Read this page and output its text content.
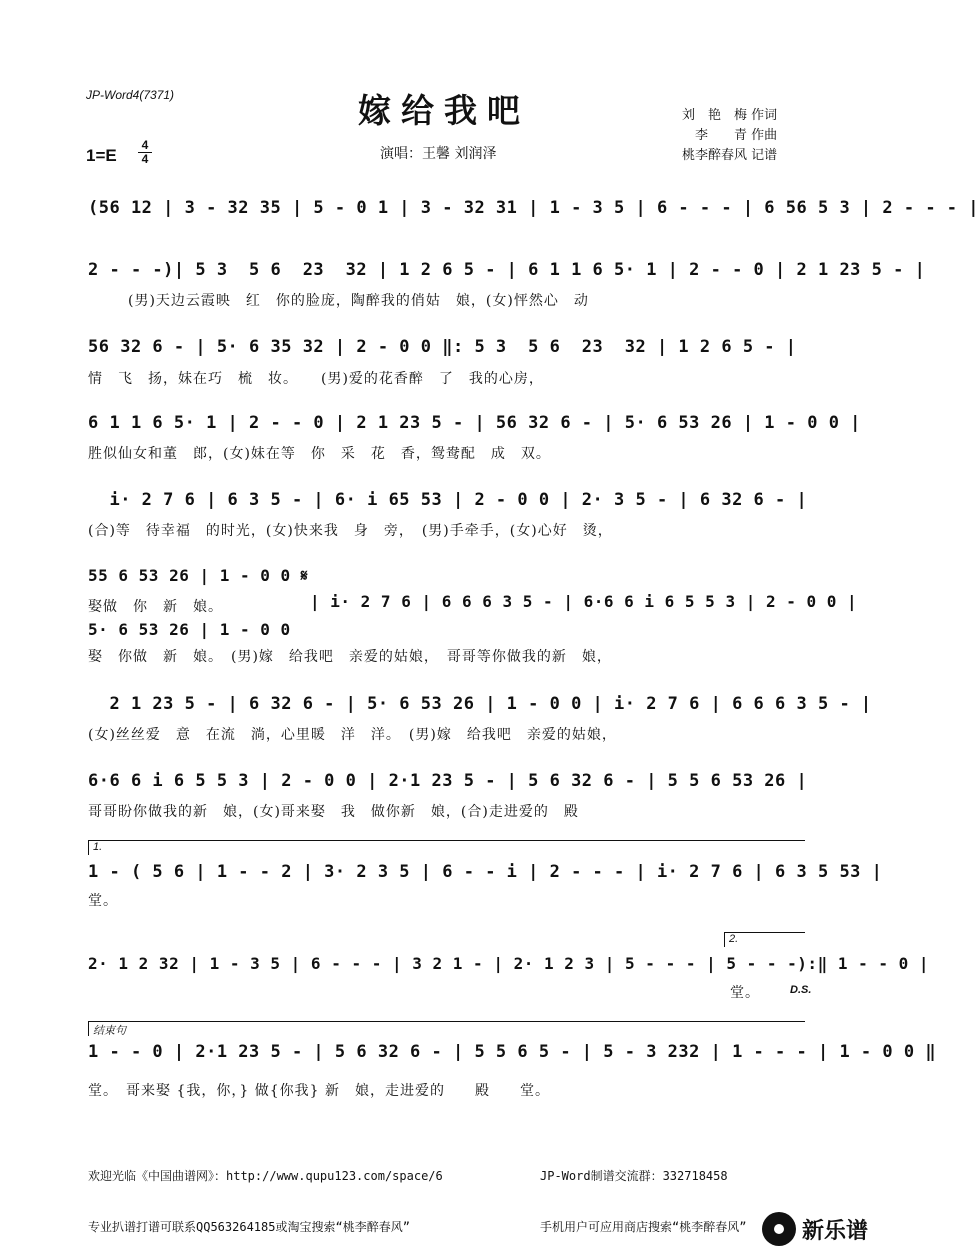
JP-Word4(7371)	嫁给我吧
1=E
4
4	演唱：王馨 刘润泽
刘　艳　梅 作词
李　　青 作曲
桃李醉春风 记谱
(56 12 | 3 - 32 35 | 5 - 0 1 | 3 - 32 31 | 1 - 3 5 | 6 - - - | 6 56 5 3 | 2 - - - |
2 - - -)| 5 3  5 6  23  32 | 1 2 6 5 - | 6 1 1 6 5· 1 | 2 - - 0 | 2 1 23 5 - |
(男)天边云霞映　红　你的脸庞，陶醉我的俏姑　娘，(女)怦然心　动
56 32 6 - | 5· 6 35 32 | 2 - 0 0 ‖: 5 3  5 6  23  32 | 1 2 6 5 - |
情　飞　扬，妹在巧　梳　妆。　　(男)爱的花香醉　了　我的心房，
6 1 1 6 5· 1 | 2 - - 0 | 2 1 23 5 - | 56 32 6 - | 5· 6 53 26 | 1 - 0 0 |
胜似仙女和董　郎，(女)妹在等　你　采　花　香，鸳鸯配　成　双。
i· 2 7 6 | 6 3 5 - | 6· i 65 53 | 2 - 0 0 | 2· 3 5 - | 6 32 6 - |
(合)等　待幸福　的时光，(女)快来我　身　旁，　(男)手牵手，(女)心好　烫，
55 6 53 26 | 1 - 0 0 𝄋
娶做　你　新　娘。
5· 6 53 26 | 1 - 0 0
| i· 2 7 6 | 6 6 6 3 5 - | 6·6 6 i 6 5 5 3 | 2 - 0 0 |
娶　你做　新　娘。　(男)嫁　给我吧　亲爱的姑娘，　哥哥等你做我的新　娘，
2 1 23 5 - | 6 32 6 - | 5· 6 53 26 | 1 - 0 0 | i· 2 7 6 | 6 6 6 3 5 - |
(女)丝丝爱　意　在流　淌，心里暖　洋　洋。　(男)嫁　给我吧　亲爱的姑娘，
6·6 6 i 6 5 5 3 | 2 - 0 0 | 2·1 23 5 - | 5 6 32 6 - | 5 5 6 53 26 |
哥哥盼你做我的新　娘，(女)哥来娶　我　做你新　娘，(合)走进爱的　殿
1.
1 - ( 5 6 | 1 - - 2 | 3· 2 3 5 | 6 - - i | 2 - - - | i· 2 7 6 | 6 3 5 53 |
堂。
2.
2· 1 2 32 | 1 - 3 5 | 6 - - - | 3 2 1 - | 2· 1 2 3 | 5 - - - | 5 - - -):‖ 1 - - 0 |
堂。	D.S.
结束句
1 - - 0 | 2·1 23 5 - | 5 6 32 6 - | 5 5 6 5 - | 5 - 3 232 | 1 - - - | 1 - 0 0 ‖
堂。　哥来娶 {我，你，} 做{你我} 新　娘，走进爱的　　殿　　堂。

欢迎光临《中国曲谱网》：http://www.qupu123.com/space/6

专业扒谱打谱可联系QQ563264185或淘宝搜索“桃李醉春风”

JP-Word制谱交流群：332718458

手机用户可应用商店搜索“桃李醉春风”	新乐谱
